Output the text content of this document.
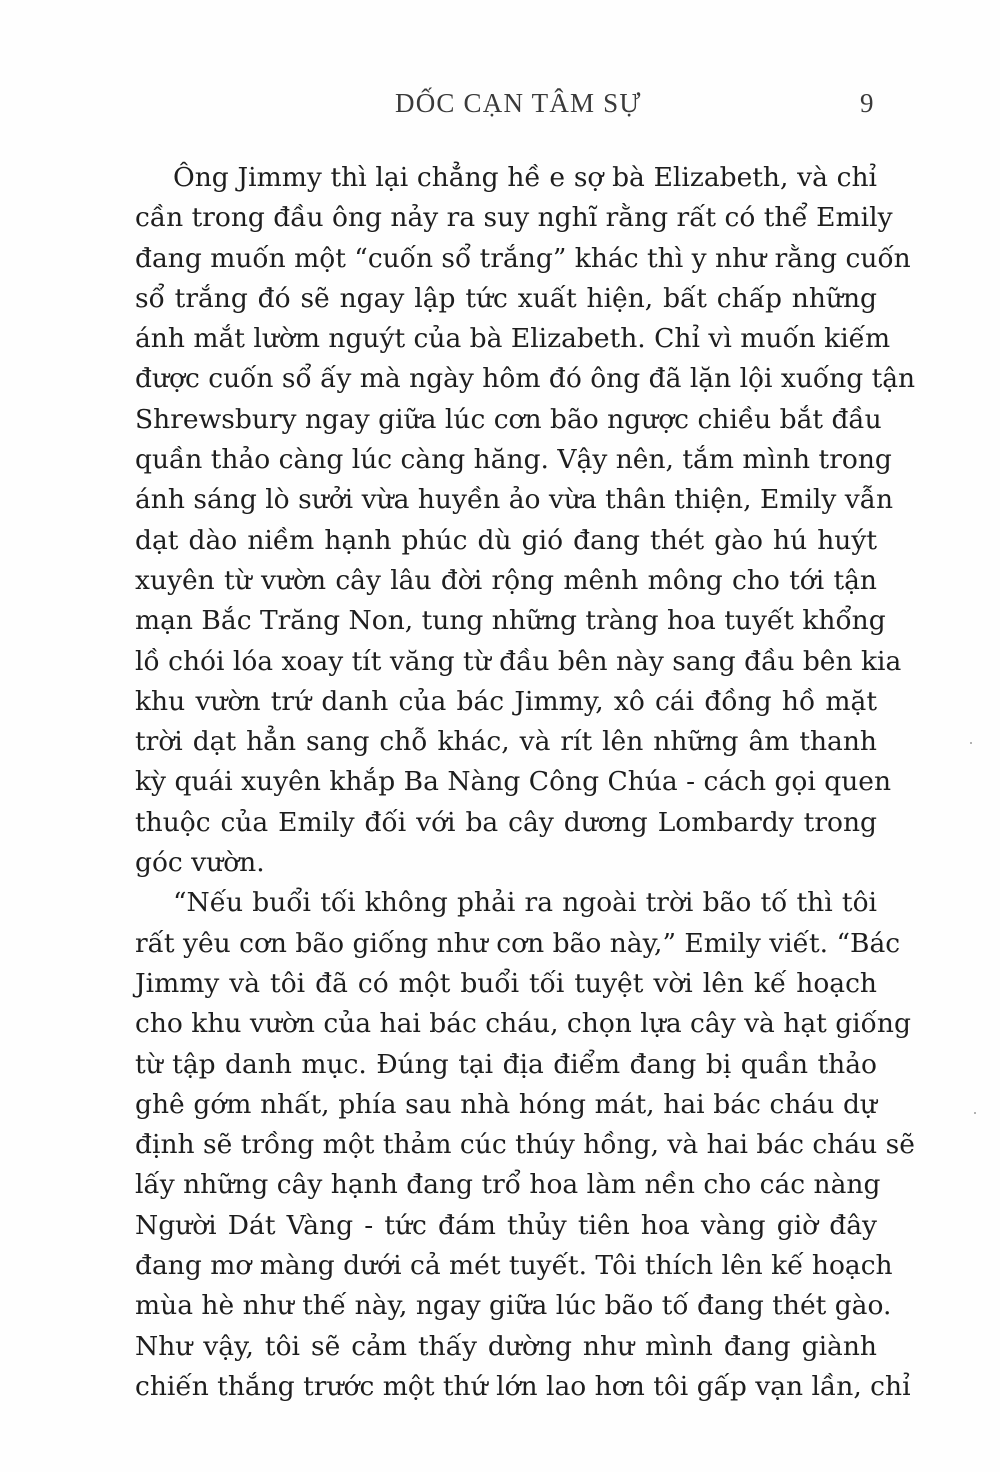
DỐC CẠN TÂM SỰ	9
Ông Jimmy thì lại chẳng hề e sợ bà Elizabeth, và chỉ
cần trong đầu ông nảy ra suy nghĩ rằng rất có thể Emily
đang muốn một “cuốn sổ trắng” khác thì y như rằng cuốn
sổ trắng đó sẽ ngay lập tức xuất hiện, bất chấp những
ánh mắt lườm nguýt của bà Elizabeth. Chỉ vì muốn kiếm
được cuốn sổ ấy mà ngày hôm đó ông đã lặn lội xuống tận
Shrewsbury ngay giữa lúc cơn bão ngược chiều bắt đầu
quần thảo càng lúc càng hăng. Vậy nên, tắm mình trong
ánh sáng lò sưởi vừa huyền ảo vừa thân thiện, Emily vẫn
dạt dào niềm hạnh phúc dù gió đang thét gào hú huýt
xuyên từ vườn cây lâu đời rộng mênh mông cho tới tận
mạn Bắc Trăng Non, tung những tràng hoa tuyết khổng
lồ chói lóa xoay tít văng từ đầu bên này sang đầu bên kia
khu vườn trứ danh của bác Jimmy, xô cái đồng hồ mặt
trời dạt hẳn sang chỗ khác, và rít lên những âm thanh
kỳ quái xuyên khắp Ba Nàng Công Chúa - cách gọi quen
thuộc của Emily đối với ba cây dương Lombardy trong
góc vườn.
“Nếu buổi tối không phải ra ngoài trời bão tố thì tôi
rất yêu cơn bão giống như cơn bão này,” Emily viết. “Bác
Jimmy và tôi đã có một buổi tối tuyệt vời lên kế hoạch
cho khu vườn của hai bác cháu, chọn lựa cây và hạt giống
từ tập danh mục. Đúng tại địa điểm đang bị quần thảo
ghê gớm nhất, phía sau nhà hóng mát, hai bác cháu dự
định sẽ trồng một thảm cúc thúy hồng, và hai bác cháu sẽ
lấy những cây hạnh đang trổ hoa làm nền cho các nàng
Người Dát Vàng - tức đám thủy tiên hoa vàng giờ đây
đang mơ màng dưới cả mét tuyết. Tôi thích lên kế hoạch
mùa hè như thế này, ngay giữa lúc bão tố đang thét gào.
Như vậy, tôi sẽ cảm thấy dường như mình đang giành
chiến thắng trước một thứ lớn lao hơn tôi gấp vạn lần, chỉ
